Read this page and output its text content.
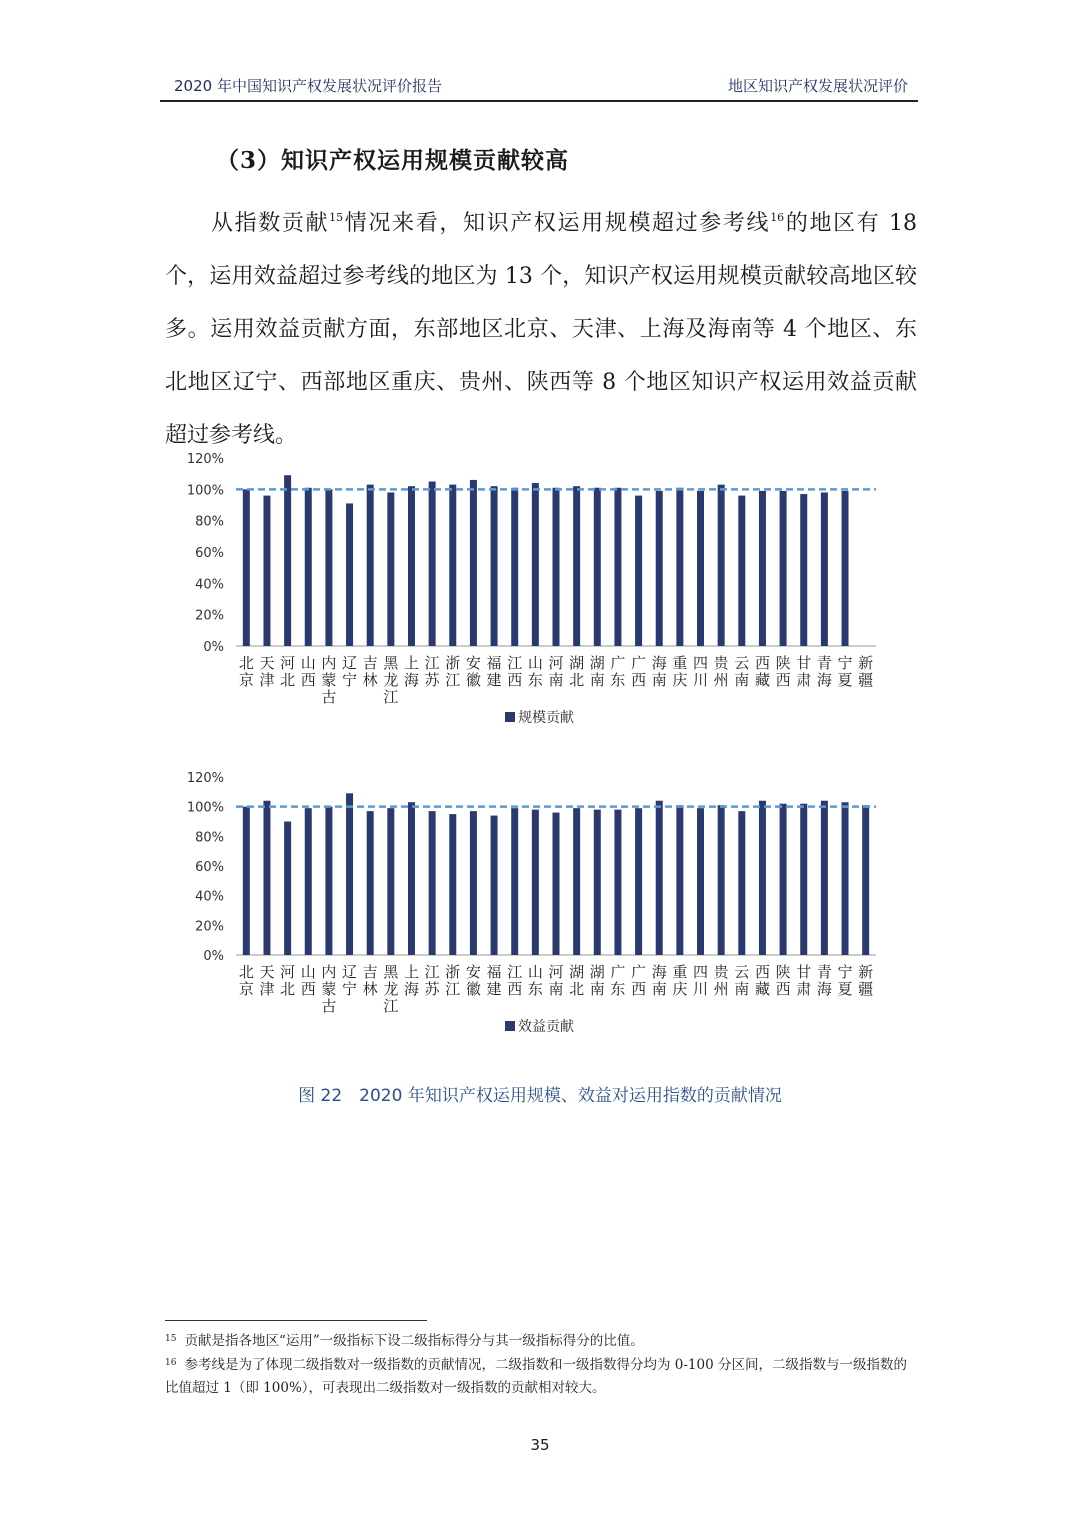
2020 年中国知识产权发展状况评价报告	地区知识产权发展状况评价
（3）知识产权运用规模贡献较高

从指数贡献$^{15}$情况来看，知识产权运用规模超过参考线$^{16}$的地区有 18 个，运用效益超过参考线的地区为 13 个，知识产权运用规模贡献较高地区较多。运用效益贡献方面，东部地区北京、天津、上海及海南等 4 个地区、东北地区辽宁、西部地区重庆、贵州、陕西等 8 个地区知识产权运用效益贡献超过参考线。

0%
20%
40%
60%
80%
100%
120%
北
京
天
津
河
北
山
西
内
蒙
古
辽
宁
吉
林
黑
龙
江
上
海
江
苏
浙
江
安
徽
福
建
江
西
山
东
河
南
湖
北
湖
南
广
东
广
西
海
南
重
庆
四
川
贵
州
云
南
西
藏
陕
西
甘
肃
青
海
宁
夏
新
疆
规模贡献
0%
20%
40%
60%
80%
100%
120%
北
京
天
津
河
北
山
西
内
蒙
古
辽
宁
吉
林
黑
龙
江
上
海
江
苏
浙
江
安
徽
福
建
江
西
山
东
河
南
湖
北
湖
南
广
东
广
西
海
南
重
庆
四
川
贵
州
云
南
西
藏
陕
西
甘
肃
青
海
宁
夏
新
疆
效益贡献
图 22　2020 年知识产权运用规模、效益对运用指数的贡献情况
$^{15}$ 贡献是指各地区“运用”一级指标下设二级指标得分与其一级指标得分的比值。
$^{16}$ 参考线是为了体现二级指数对一级指数的贡献情况，二级指数和一级指数得分均为 0-100 分区间，二级指数与一级指数的比值超过 1（即 100%），可表现出二级指数对一级指数的贡献相对较大。
35
